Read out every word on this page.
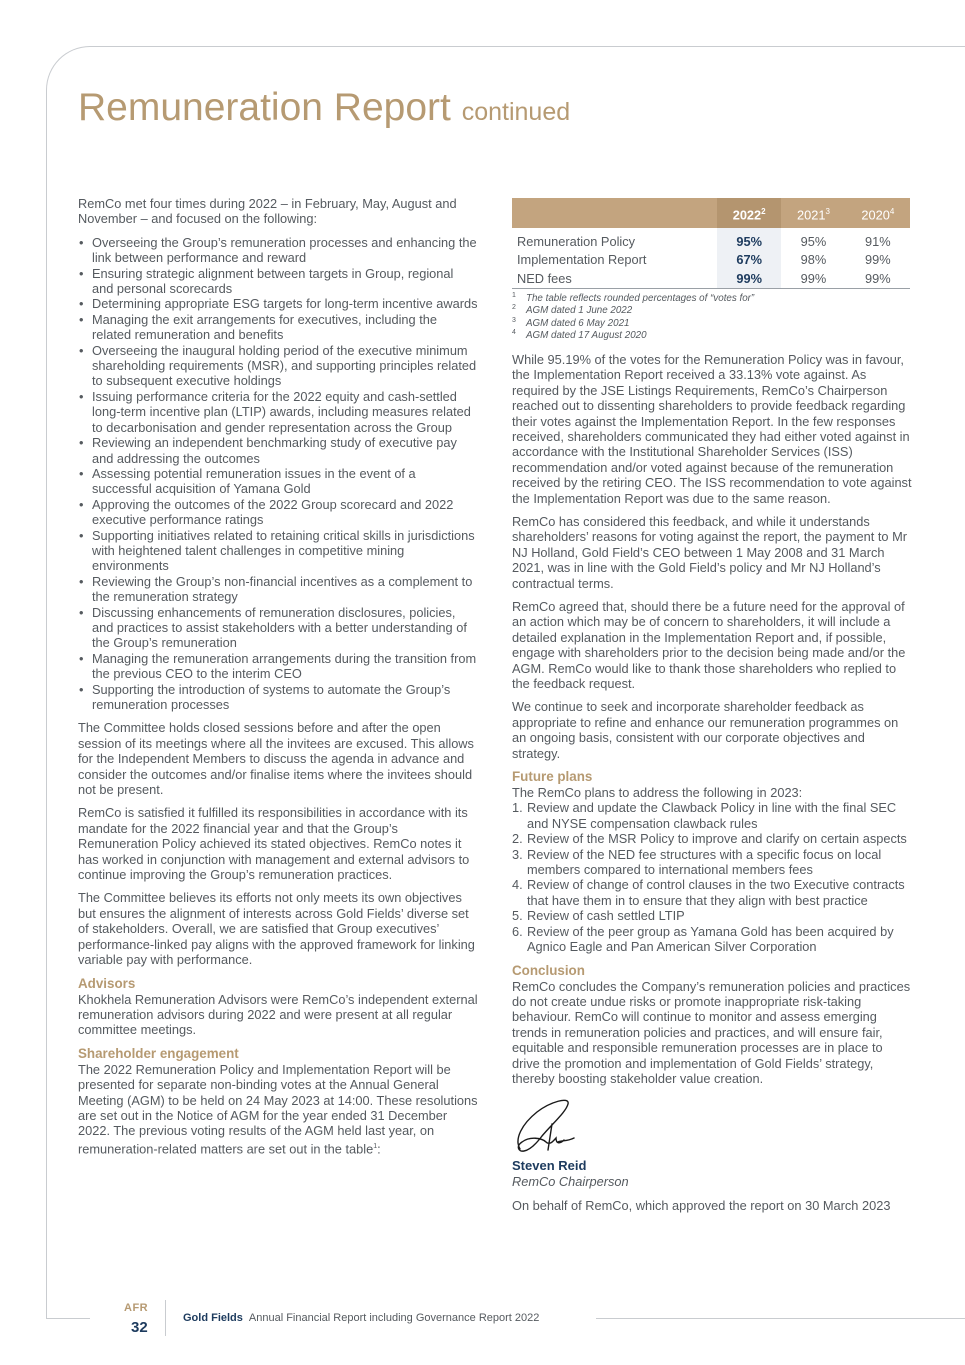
Remuneration Report continued

RemCo met four times during 2022 – in February, May, August and November – and focused on the following:

• Overseeing the Group’s remuneration processes and enhancing the link between performance and reward
• Ensuring strategic alignment between targets in Group, regional and personal scorecards
• Determining appropriate ESG targets for long-term incentive awards
• Managing the exit arrangements for executives, including the related remuneration and benefits
• Overseeing the inaugural holding period of the executive minimum shareholding requirements (MSR), and supporting principles related to subsequent executive holdings
• Issuing performance criteria for the 2022 equity and cash-settled long-term incentive plan (LTIP) awards, including measures related to decarbonisation and gender representation across the Group
• Reviewing an independent benchmarking study of executive pay and addressing the outcomes
• Assessing potential remuneration issues in the event of a successful acquisition of Yamana Gold
• Approving the outcomes of the 2022 Group scorecard and 2022 executive performance ratings
• Supporting initiatives related to retaining critical skills in jurisdictions with heightened talent challenges in competitive mining environments
• Reviewing the Group’s non-financial incentives as a complement to the remuneration strategy
• Discussing enhancements of remuneration disclosures, policies, and practices to assist stakeholders with a better understanding of the Group’s remuneration
• Managing the remuneration arrangements during the transition from the previous CEO to the interim CEO
• Supporting the introduction of systems to automate the Group’s remuneration processes

The Committee holds closed sessions before and after the open session of its meetings where all the invitees are excused. This allows for the Independent Members to discuss the agenda in advance and consider the outcomes and/or finalise items where the invitees should not be present.

RemCo is satisfied it fulfilled its responsibilities in accordance with its mandate for the 2022 financial year and that the Group’s Remuneration Policy achieved its stated objectives. RemCo notes it has worked in conjunction with management and external advisors to continue improving the Group’s remuneration practices.

The Committee believes its efforts not only meets its own objectives but ensures the alignment of interests across Gold Fields’ diverse set of stakeholders. Overall, we are satisfied that Group executives’ performance-linked pay aligns with the approved framework for linking variable pay with performance.

Advisors

Khokhela Remuneration Advisors were RemCo’s independent external remuneration advisors during 2022 and were present at all regular committee meetings.

Shareholder engagement

The 2022 Remuneration Policy and Implementation Report will be presented for separate non-binding votes at the Annual General Meeting (AGM) to be held on 24 May 2023 at 14:00. These resolutions are set out in the Notice of AGM for the year ended 31 December 2022. The previous voting results of the AGM held last year, on remuneration-related matters are set out in the table$^1$:

	2022$^2$	2021$^3$	2020$^4$

Remuneration Policy	95%	95%	91%
Implementation Report	67%	98%	99%
NED fees	99%	99%	99%
1 The table reflects rounded percentages of “votes for”
2 AGM dated 1 June 2022
3 AGM dated 6 May 2021
4 AGM dated 17 August 2020

While 95.19% of the votes for the Remuneration Policy was in favour, the Implementation Report received a 33.13% vote against. As required by the JSE Listings Requirements, RemCo’s Chairperson reached out to dissenting shareholders to provide feedback regarding their votes against the Implementation Report. In the few responses received, shareholders communicated they had either voted against in accordance with the Institutional Shareholder Services (ISS) recommendation and/or voted against because of the remuneration received by the retiring CEO. The ISS recommendation to vote against the Implementation Report was due to the same reason.

RemCo has considered this feedback, and while it understands shareholders’ reasons for voting against the report, the payment to Mr NJ Holland, Gold Field’s CEO between 1 May 2008 and 31 March 2021, was in line with the Gold Field’s policy and Mr NJ Holland’s contractual terms.

RemCo agreed that, should there be a future need for the approval of an action which may be of concern to shareholders, it will include a detailed explanation in the Implementation Report and, if possible, engage with shareholders prior to the decision being made and/or the AGM. RemCo would like to thank those shareholders who replied to the feedback request.

We continue to seek and incorporate shareholder feedback as appropriate to refine and enhance our remuneration programmes on an ongoing basis, consistent with our corporate objectives and strategy.

Future plans
The RemCo plans to address the following in 2023:
1. Review and update the Clawback Policy in line with the final SEC and NYSE compensation clawback rules
2. Review of the MSR Policy to improve and clarify on certain aspects
3. Review of the NED fee structures with a specific focus on local members compared to international members fees
4. Review of change of control clauses in the two Executive contracts that have them in to ensure that they align with best practice
5. Review of cash settled LTIP
6. Review of the peer group as Yamana Gold has been acquired by Agnico Eagle and Pan American Silver Corporation
Conclusion

RemCo concludes the Company’s remuneration policies and practices do not create undue risks or promote inappropriate risk-taking behaviour. RemCo will continue to monitor and assess emerging trends in remuneration policies and practices, and will ensure fair, equitable and responsible remuneration processes are in place to drive the promotion and implementation of Gold Fields’ strategy, thereby boosting stakeholder value creation.

Steven Reid
RemCo Chairperson
On behalf of RemCo, which approved the report on 30 March 2023
AFR
32
Gold Fields Annual Financial Report including Governance Report 2022
